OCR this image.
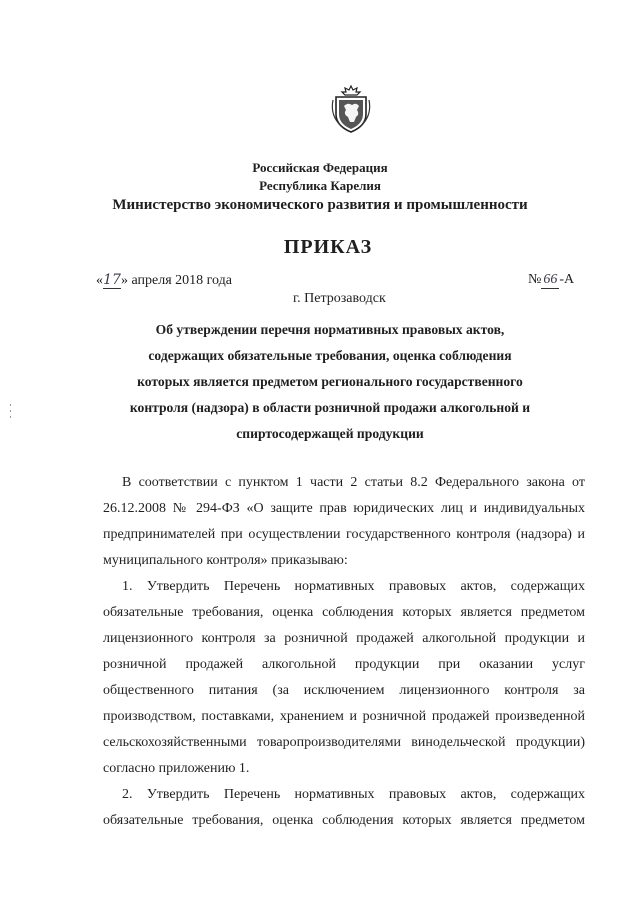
Российская Федерация
Республика Карелия
Министерство экономического развития и промышленности
ПРИКАЗ
«17» апреля 2018 года	№ 66 -А
г. Петрозаводск
Об утверждении перечня нормативных правовых актов,
содержащих обязательные требования, оценка соблюдения
которых является предметом регионального государственного
контроля (надзора) в области розничной продажи алкогольной и
спиртосодержащей продукции

В соответствии с пунктом 1 части 2 статьи 8.2 Федерального закона от
26.12.2008 № 294-ФЗ «О защите прав юридических лиц и индивидуальных
предпринимателей при осуществлении государственного контроля (надзора) и
муниципального контроля» приказываю:

1. Утвердить Перечень нормативных правовых актов, содержащих
обязательные требования, оценка соблюдения которых является предметом
лицензионного контроля за розничной продажей алкогольной продукции и
розничной продажей алкогольной продукции при оказании услуг
общественного питания (за исключением лицензионного контроля за
производством, поставками, хранением и розничной продажей произведенной
сельскохозяйственными товаропроизводителями винодельческой продукции)
согласно приложению 1.

2. Утвердить Перечень нормативных правовых актов, содержащих
обязательные требования, оценка соблюдения которых является предметом
